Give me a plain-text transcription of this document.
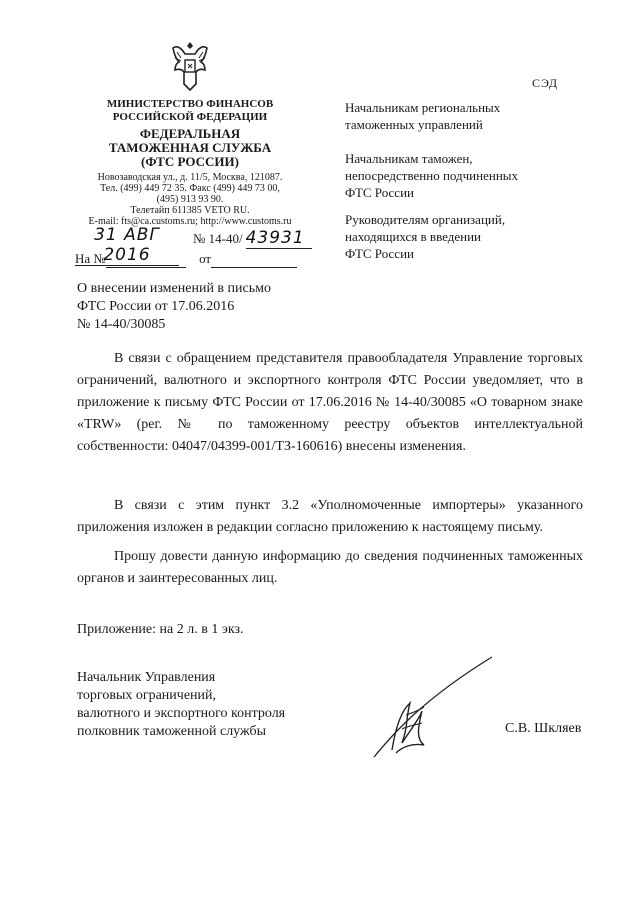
МИНИСТЕРСТВО ФИНАНСОВ
РОССИЙСКОЙ ФЕДЕРАЦИИ
ФЕДЕРАЛЬНАЯ
ТАМОЖЕННАЯ СЛУЖБА
(ФТС РОССИИ)
Новозаводская ул., д. 11/5, Москва, 121087.
Тел. (499) 449 72 35. Факс (499) 449 73 00,
(495) 913 93 90.
Телетайп 611385 VETO RU.
E-mail: fts@ca.customs.ru; http://www.customs.ru
31 АВГ 2016
№ 14-40/ 43931
На №	от
СЭД
Начальникам региональных
таможенных управлений
Начальникам таможен,
непосредственно подчиненных
ФТС России
Руководителям организаций,
находящихся в введении
ФТС России
О внесении изменений в письмо
ФТС России от 17.06.2016
№ 14-40/30085
В связи с обращением представителя правообладателя Управление торговых ограничений, валютного и экспортного контроля ФТС России уведомляет, что в приложение к письму ФТС России от 17.06.2016 № 14-40/30085 «О товарном знаке «TRW» (рег. № по таможенному реестру объектов интеллектуальной собственности: 04047/04399-001/ТЗ-160616) внесены изменения.
В связи с этим пункт 3.2 «Уполномоченные импортеры» указанного приложения изложен в редакции согласно приложению к настоящему письму.
Прошу довести данную информацию до сведения подчиненных таможенных органов и заинтересованных лиц.
Приложение: на 2 л. в 1 экз.
Начальник Управления
торговых ограничений,
валютного и экспортного контроля
полковник таможенной службы	С.В. Шкляев
